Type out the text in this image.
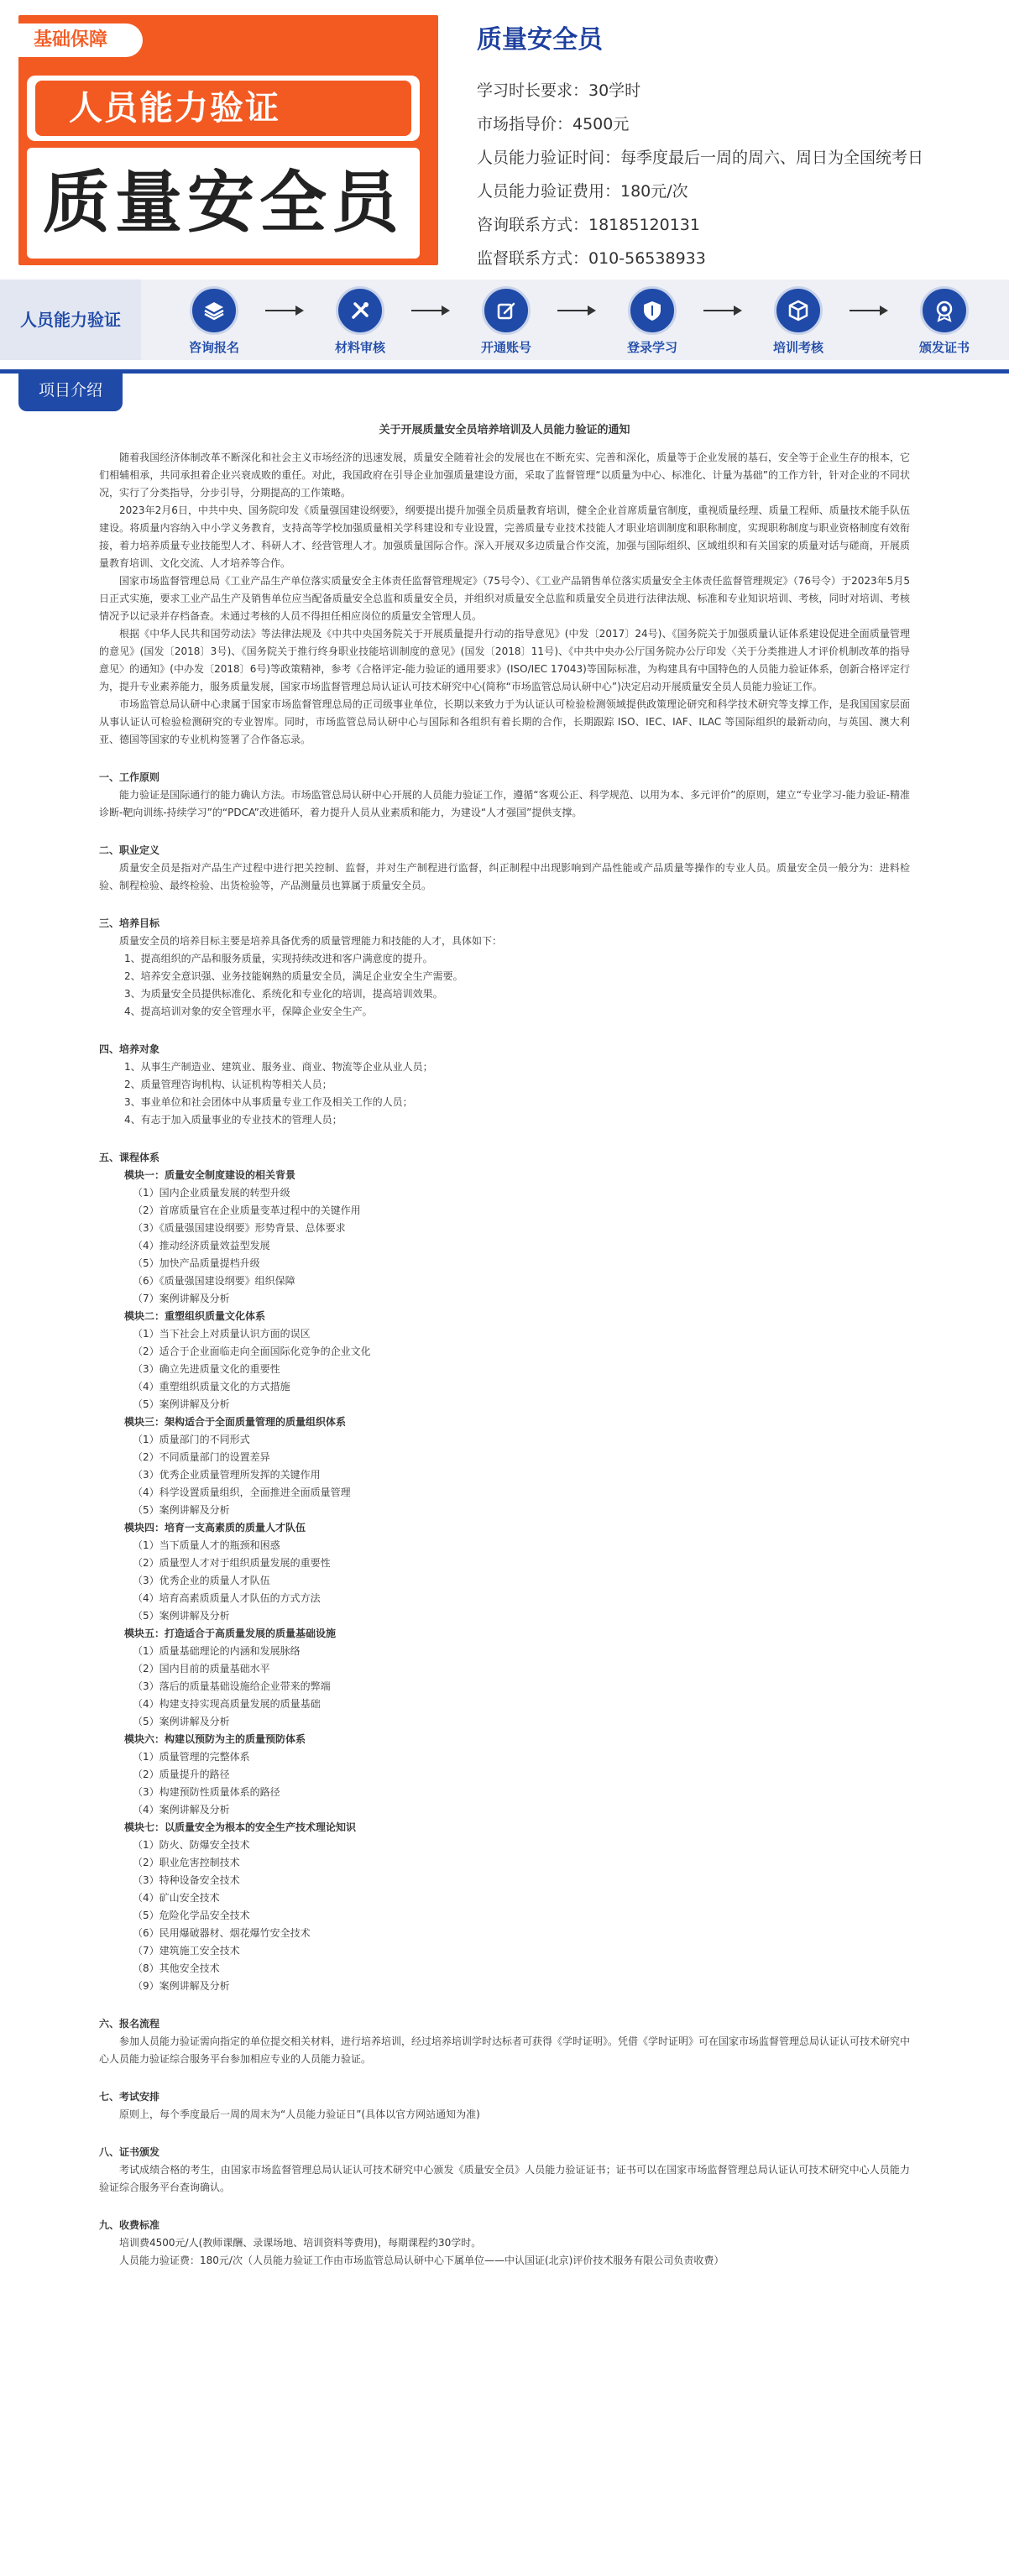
基础保障
人员能力验证
质量安全员
质量安全员
学习时长要求：30学时
市场指导价：4500元
人员能力验证时间：每季度最后一周的周六、周日为全国统考日
人员能力验证费用：180元/次
咨询联系方式：18185120131
监督联系方式：010-56538933
人员能力验证
咨询报名	材料审核	开通账号	登录学习	培训考核	颁发证书
项目介绍
关于开展质量安全员培养培训及人员能力验证的通知
随着我国经济体制改革不断深化和社会主义市场经济的迅速发展，质量安全随着社会的发展也在不断充实、完善和深化，质量等于企业发展的基石，安全等于企业生存的根本，它们相辅相承，共同承担着企业兴衰成败的重任。对此，我国政府在引导企业加强质量建设方面，采取了监督管理“以质量为中心、标准化、计量为基础”的工作方针，针对企业的不同状况，实行了分类指导，分步引导，分期提高的工作策略。
2023年2月6日，中共中央、国务院印发《质量强国建设纲要》，纲要提出提升加强全员质量教育培训，健全企业首席质量官制度，重视质量经理、质量工程师、质量技术能手队伍建设。将质量内容纳入中小学义务教育，支持高等学校加强质量相关学科建设和专业设置，完善质量专业技术技能人才职业培训制度和职称制度，实现职称制度与职业资格制度有效衔接，着力培养质量专业技能型人才、科研人才、经营管理人才。加强质量国际合作。深入开展双多边质量合作交流，加强与国际组织、区域组织和有关国家的质量对话与磋商，开展质量教育培训、文化交流、人才培养等合作。
国家市场监督管理总局《工业产品生产单位落实质量安全主体责任监督管理规定》（75号令）、《工业产品销售单位落实质量安全主体责任监督管理规定》（76号令）于2023年5月5日正式实施，要求工业产品生产及销售单位应当配备质量安全总监和质量安全员，并组织对质量安全总监和质量安全员进行法律法规、标准和专业知识培训、考核，同时对培训、考核情况予以记录并存档备查。未通过考核的人员不得担任相应岗位的质量安全管理人员。
根据《中华人民共和国劳动法》等法律法规及《中共中央国务院关于开展质量提升行动的指导意见》(中发〔2017〕24号)、《国务院关于加强质量认证体系建设促进全面质量管理的意见》(国发〔2018〕3号)、《国务院关于推行终身职业技能培训制度的意见》(国发〔2018〕11号)、《中共中央办公厅国务院办公厅印发〈关于分类推进人才评价机制改革的指导意见〉的通知》(中办发〔2018〕6号)等政策精神，参考《合格评定-能力验证的通用要求》(ISO/IEC 17043)等国际标准，为构建具有中国特色的人员能力验证体系，创新合格评定行为，提升专业素养能力，服务质量发展，国家市场监督管理总局认证认可技术研究中心(简称“市场监管总局认研中心”)决定启动开展质量安全员人员能力验证工作。
市场监管总局认研中心隶属于国家市场监督管理总局的正司级事业单位，长期以来致力于为认证认可检验检测领域提供政策理论研究和科学技术研究等支撑工作，是我国国家层面从事认证认可检验检测研究的专业智库。同时，市场监管总局认研中心与国际和各组织有着长期的合作，长期跟踪 ISO、IEC、IAF、ILAC 等国际组织的最新动向，与英国、澳大利亚、德国等国家的专业机构签署了合作备忘录。
一、工作原则
能力验证是国际通行的能力确认方法。市场监管总局认研中心开展的人员能力验证工作，遵循“客观公正、科学规范、以用为本、多元评价”的原则，建立“专业学习-能力验证-精准诊断-靶向训练-持续学习”的“PDCA”改进循环，着力提升人员从业素质和能力，为建设“人才强国”提供支撑。
二、职业定义
质量安全员是指对产品生产过程中进行把关控制、监督，并对生产制程进行监督，纠正制程中出现影响到产品性能或产品质量等操作的专业人员。质量安全员一般分为：进料检验、制程检验、最终检验、出货检验等，产品测量员也算属于质量安全员。
三、培养目标
质量安全员的培养目标主要是培养具备优秀的质量管理能力和技能的人才，具体如下：
1、提高组织的产品和服务质量，实现持续改进和客户满意度的提升。
2、培养安全意识强、业务技能娴熟的质量安全员，满足企业安全生产需要。
3、为质量安全员提供标准化、系统化和专业化的培训，提高培训效果。
4、提高培训对象的安全管理水平，保障企业安全生产。
四、培养对象
1、从事生产制造业、建筑业、服务业、商业、物流等企业从业人员；
2、质量管理咨询机构、认证机构等相关人员；
3、事业单位和社会团体中从事质量专业工作及相关工作的人员；
4、有志于加入质量事业的专业技术的管理人员；
五、课程体系
模块一：质量安全制度建设的相关背景
（1）国内企业质量发展的转型升级
（2）首席质量官在企业质量变革过程中的关键作用
（3）《质量强国建设纲要》形势背景、总体要求
（4）推动经济质量效益型发展
（5）加快产品质量提档升级
（6）《质量强国建设纲要》组织保障
（7）案例讲解及分析
模块二：重塑组织质量文化体系
（1）当下社会上对质量认识方面的误区
（2）适合于企业面临走向全面国际化竞争的企业文化
（3）确立先进质量文化的重要性
（4）重塑组织质量文化的方式措施
（5）案例讲解及分析
模块三：架构适合于全面质量管理的质量组织体系
（1）质量部门的不同形式
（2）不同质量部门的设置差异
（3）优秀企业质量管理所发挥的关键作用
（4）科学设置质量组织，全面推进全面质量管理
（5）案例讲解及分析
模块四：培育一支高素质的质量人才队伍
（1）当下质量人才的瓶颈和困惑
（2）质量型人才对于组织质量发展的重要性
（3）优秀企业的质量人才队伍
（4）培育高素质质量人才队伍的方式方法
（5）案例讲解及分析
模块五：打造适合于高质量发展的质量基础设施
（1）质量基础理论的内涵和发展脉络
（2）国内目前的质量基础水平
（3）落后的质量基础设施给企业带来的弊端
（4）构建支持实现高质量发展的质量基础
（5）案例讲解及分析
模块六：构建以预防为主的质量预防体系
（1）质量管理的完整体系
（2）质量提升的路径
（3）构建预防性质量体系的路径
（4）案例讲解及分析
模块七：以质量安全为根本的安全生产技术理论知识
（1）防火、防爆安全技术
（2）职业危害控制技术
（3）特种设备安全技术
（4）矿山安全技术
（5）危险化学品安全技术
（6）民用爆破器材、烟花爆竹安全技术
（7）建筑施工安全技术
（8）其他安全技术
（9）案例讲解及分析
六、报名流程
参加人员能力验证需向指定的单位提交相关材料，进行培养培训，经过培养培训学时达标者可获得《学时证明》。凭借《学时证明》可在国家市场监督管理总局认证认可技术研究中心人员能力验证综合服务平台参加相应专业的人员能力验证。
七、考试安排
原则上，每个季度最后一周的周末为“人员能力验证日”(具体以官方网站通知为准)
八、证书颁发
考试成绩合格的考生，由国家市场监督管理总局认证认可技术研究中心颁发《质量安全员》人员能力验证证书；证书可以在国家市场监督管理总局认证认可技术研究中心人员能力验证综合服务平台查询确认。
九、收费标准
培训费4500元/人(教师课酬、录课场地、培训资料等费用)，每期课程约30学时。
人员能力验证费：180元/次（人员能力验证工作由市场监管总局认研中心下属单位——中认国证(北京)评价技术服务有限公司负责收费）
